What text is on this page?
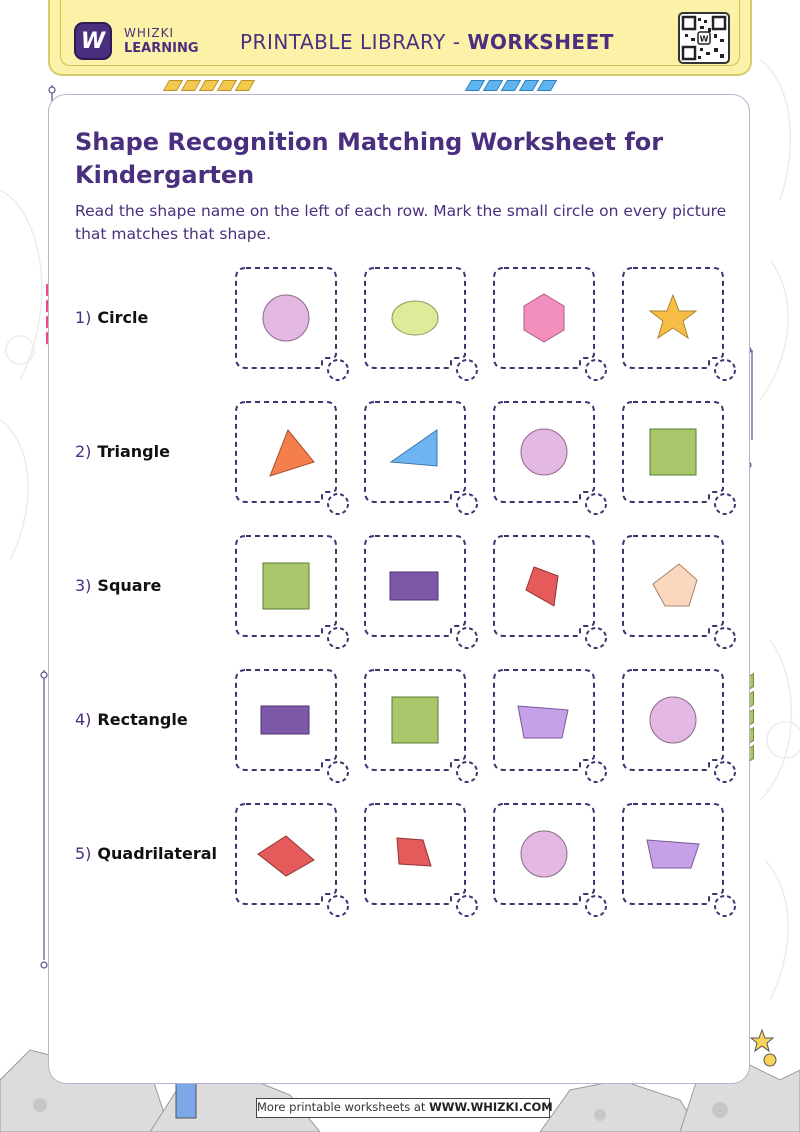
W WHIZKI
LEARNING PRINTABLE LIBRARY - WORKSHEET	W
Shape Recognition Matching Worksheet for Kindergarten

Read the shape name on the left of each row. Mark the small circle on every picture that matches that shape.

1) Circle
2) Triangle
3) Square
4) Rectangle
5) Quadrilateral
More printable worksheets at WWW.WHIZKI.COM
